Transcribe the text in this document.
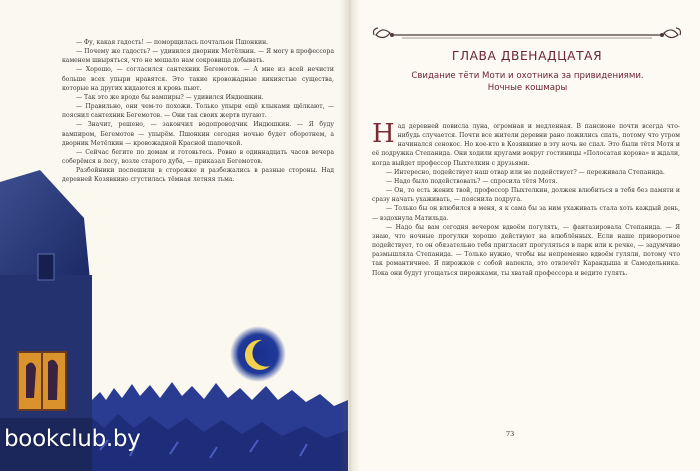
— Фу, какая гадость! — поморщилась почтальон Пшонкин.

— Почему же гадость? — удивился дворник Метёлкин. — Я могу в профессора каменем швыряться, что не мешало нам сокровища добывать.

— Хорошо, — согласился сантехник Бегемотов. — А мне из всей нечисти больше всех упыри нравятся. Это такие кровожадные кикиястые существа, которые на других кидаются и кровь пьют.

— Так это же вроде бы вампиры? — удивился Индюшкин.

— Правильно, они чем-то похожи. Только упыри ещё клыками щёлкают, — пояснил сантехник Бегемотов. — Они так своих жертв пугают.

— Значит, решено, — закончил водопроводчик Индюшкин. — Я буду вампиром, Бегемотов — упырём. Пшонкин сегодня ночью будет оборотнем, а дворник Метёлкин — кровожадной Красной шапочкой.

— Сейчас бегите по домам и готовьтесь. Ровно в одиннадцать часов вечера соберёмся в лесу, возле старого дуба, — приказал Бегемотов.

Разбойники поспешили в сторожке и разбежались в разные стороны. Над деревней Козявкино сгустилась тёмная летняя тьма.

bookclub.by
ГЛАВА ДВЕНАДЦАТАЯ
Свидание тёти Моти и охотника за привидениями. Ночные кошмары
Н ад деревней повисла луна, огромная и медленная. В пансионе почти всегда что-нибудь случается. Почти все жители деревни рано ложились спать, потому что утром начинался сенокос. Но кое-кто в Козявкине в эту ночь не спал. Это были тётя Мотя и её подружка Степанида. Они ходили кругами вокруг гостиницы «Полосатая корова» и ждали, когда выйдет профессор Пыхтелкин с друзьями.

— Интересно, подействует наш отвар или не подействует? — переживала Степанида.

— Надо было подействовать? — спросила тётя Мотя.

— Он, то есть жених твой, профессор Пыхтелкин, должен влюбиться в тебя без памяти и сразу начать ухаживать, — пояснила подруга.

— Только бы он влюбился в меня, я к сама бы за ним ухаживать стала хоть каждый день, — вздохнула Матильда.

— Надо бы вам сегодня вечером вдвоём погулять, — фантазировала Степанида. — Я знаю, что ночные прогулки хорошо действуют на влюблённых. Если наше приворотное подействует, то он обязательно тебя пригласит прогуляться в парк или к речке, — задумчиво размышляла Степанида. — Только нужно, чтобы вы непременно вдвоём гуляли, потому что так романтичнее. Я пирожков с собой напекла, это отвлечёт Карандыша и Самодельника. Пока они будут угощаться пирожками, ты хватай профессора и ведите гулять.

73
